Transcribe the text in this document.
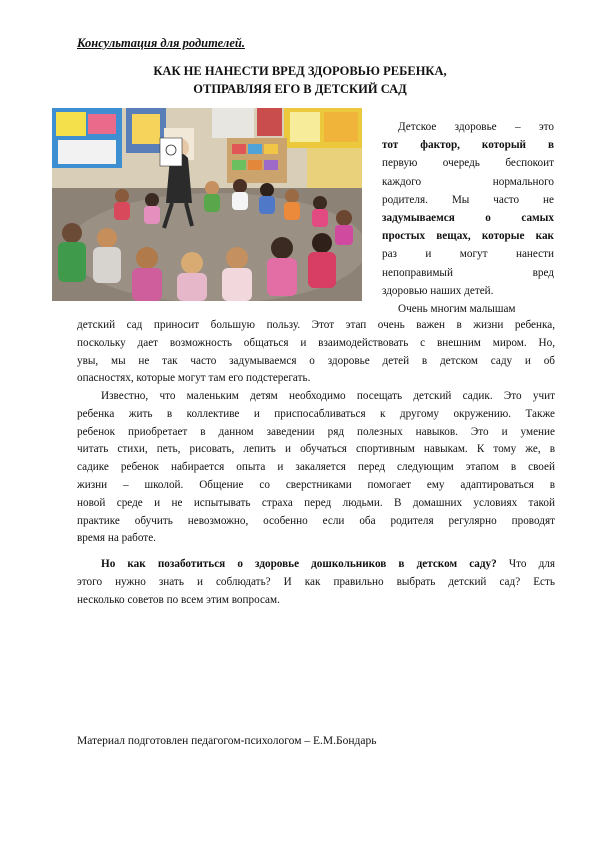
Консультация для родителей.
КАК НЕ НАНЕСТИ ВРЕД ЗДОРОВЬЮ РЕБЕНКА,
ОТПРАВЛЯЯ ЕГО В ДЕТСКИЙ САД
Детское здоровье – это
тот фактор, который в
первую очередь беспокоит
каждого нормального
родителя. Мы часто не
задумываемся о самых
простых вещах, которые как
раз и могут нанести
непоправимый вред
здоровью наших детей.
Очень многим малышам
детский сад приносит большую пользу. Этот этап очень важен в жизни ребенка,
поскольку дает возможность общаться и взаимодействовать с внешним миром. Но,
увы, мы не так часто задумываемся о здоровье детей в детском саду и об
опасностях, которые могут там его подстерегать.
Известно, что маленьким детям необходимо посещать детский садик. Это учит
ребенка жить в коллективе и приспосабливаться к другому окружению. Также
ребенок приобретает в данном заведении ряд полезных навыков. Это и умение
читать стихи, петь, рисовать, лепить и обучаться спортивным навыкам. К тому же, в
садике ребенок набирается опыта и закаляется перед следующим этапом в своей
жизни – школой. Общение со сверстниками помогает ему адаптироваться в
новой среде и не испытывать страха перед людьми. В домашних условиях такой
практике обучить невозможно, особенно если оба родителя регулярно проводят
время на работе.
Но как позаботиться о здоровье дошкольников в детском саду? Что для
этого нужно знать и соблюдать? И как правильно выбрать детский сад? Есть
несколько советов по всем этим вопросам.
Материал подготовлен педагогом-психологом – Е.М.Бондарь
